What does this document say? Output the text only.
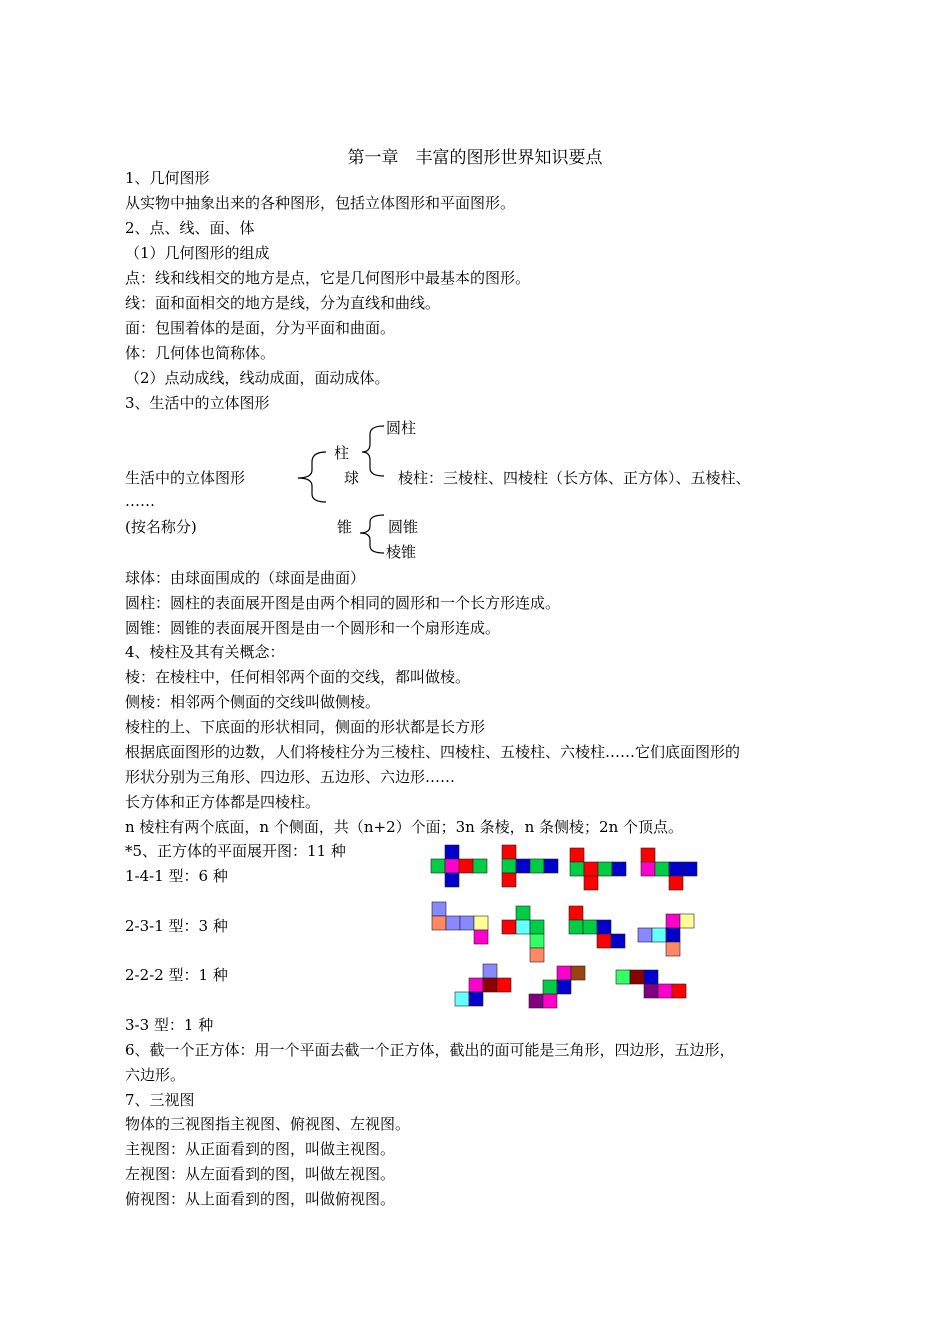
第一章　丰富的图形世界知识要点
1、几何图形
从实物中抽象出来的各种图形，包括立体图形和平面图形。
2、点、线、面、体
（1）几何图形的组成
点：线和线相交的地方是点，它是几何图形中最基本的图形。
线：面和面相交的地方是线，分为直线和曲线。
面：包围着体的是面，分为平面和曲面。
体：几何体也简称体。
（2）点动成线，线动成面，面动成体。
3、生活中的立体图形
圆柱
柱
生活中的立体图形	球	棱柱：三棱柱、四棱柱（长方体、正方体）、五棱柱、
……
(按名称分)	锥 圆锥
棱锥
球体：由球面围成的（球面是曲面）
圆柱：圆柱的表面展开图是由两个相同的圆形和一个长方形连成。
圆锥：圆锥的表面展开图是由一个圆形和一个扇形连成。
4、棱柱及其有关概念：
棱：在棱柱中，任何相邻两个面的交线，都叫做棱。
侧棱：相邻两个侧面的交线叫做侧棱。
棱柱的上、下底面的形状相同，侧面的形状都是长方形
根据底面图形的边数，人们将棱柱分为三棱柱、四棱柱、五棱柱、六棱柱……它们底面图形的
形状分别为三角形、四边形、五边形、六边形……
长方体和正方体都是四棱柱。
n 棱柱有两个底面，n 个侧面，共（n+2）个面；3n 条棱，n 条侧棱；2n 个顶点。
*5、正方体的平面展开图：11 种
1-4-1 型：6 种
2-3-1 型：3 种
2-2-2 型：1 种
3-3 型：1 种
6、截一个正方体：用一个平面去截一个正方体，截出的面可能是三角形，四边形，五边形，
六边形。
7、三视图
物体的三视图指主视图、俯视图、左视图。
主视图：从正面看到的图，叫做主视图。
左视图：从左面看到的图，叫做左视图。
俯视图：从上面看到的图，叫做俯视图。
